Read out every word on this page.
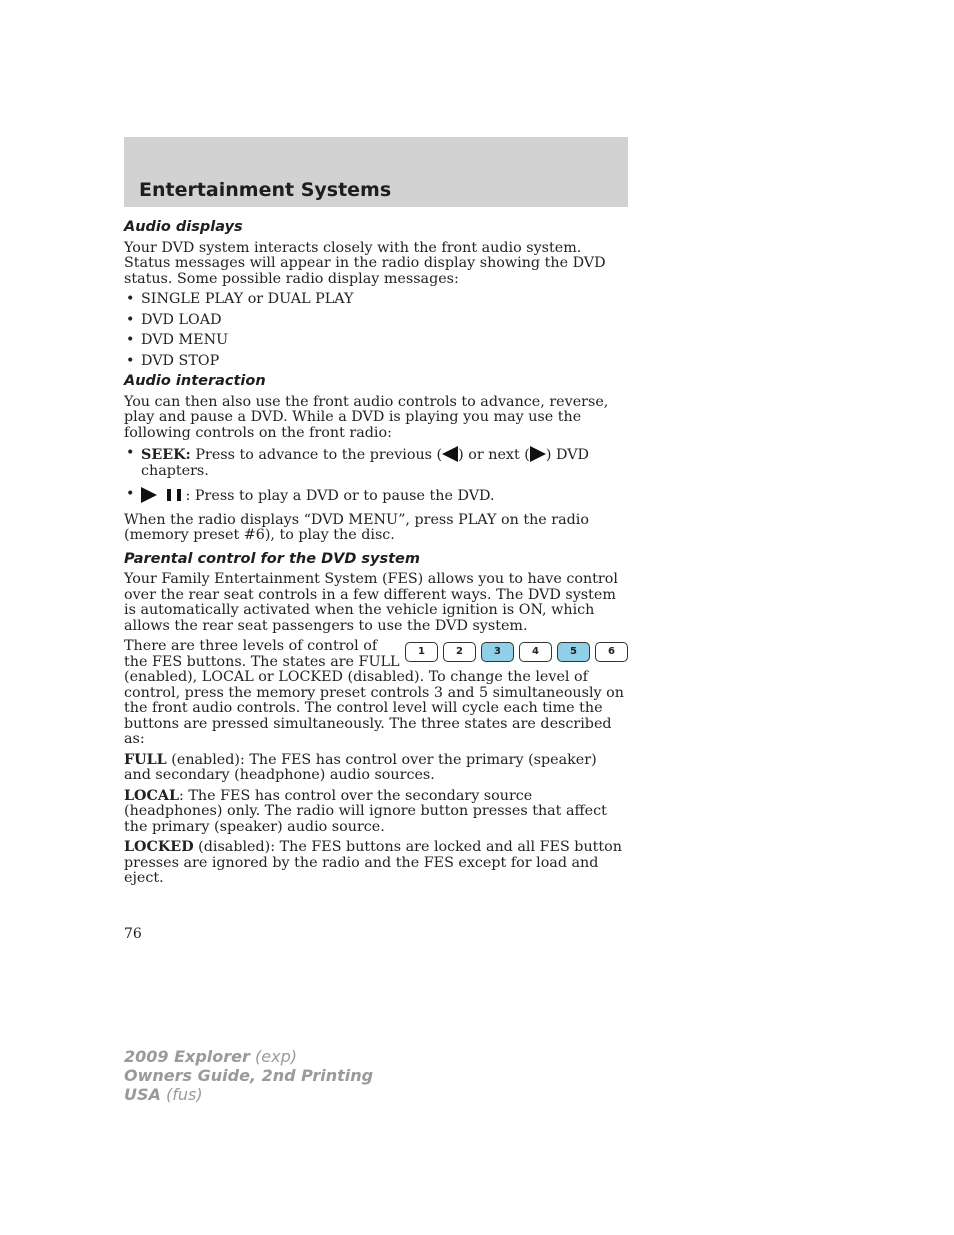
Entertainment Systems
Audio displays

Your DVD system interacts closely with the front audio system. Status messages will appear in the radio display showing the DVD status. Some possible radio display messages:

• SINGLE PLAY or DUAL PLAY
• DVD LOAD
• DVD MENU
• DVD STOP
Audio interaction

You can then also use the front audio controls to advance, reverse, play and pause a DVD. While a DVD is playing you may use the following controls on the front radio:

• SEEK: Press to advance to the previous ( ) or next ( ) DVD chapters.
• : Press to play a DVD or to pause the DVD.

When the radio displays “DVD MENU”, press PLAY on the radio (memory preset #6), to play the disc.

Parental control for the DVD system

Your Family Entertainment System (FES) allows you to have control over the rear seat controls in a few different ways. The DVD system is automatically activated when the vehicle ignition is ON, which allows the rear seat passengers to use the DVD system.

1	2	3	4	5	6

There are three levels of control of the FES buttons. The states are FULL (enabled), LOCAL or LOCKED (disabled). To change the level of control, press the memory preset controls 3 and 5 simultaneously on the front audio controls. The control level will cycle each time the buttons are pressed simultaneously. The three states are described as:

FULL (enabled): The FES has control over the primary (speaker) and secondary (headphone) audio sources.

LOCAL: The FES has control over the secondary source (headphones) only. The radio will ignore button presses that affect the primary (speaker) audio source.

LOCKED (disabled): The FES buttons are locked and all FES button presses are ignored by the radio and the FES except for load and eject.

76
2009 Explorer (exp)
Owners Guide, 2nd Printing
USA (fus)
